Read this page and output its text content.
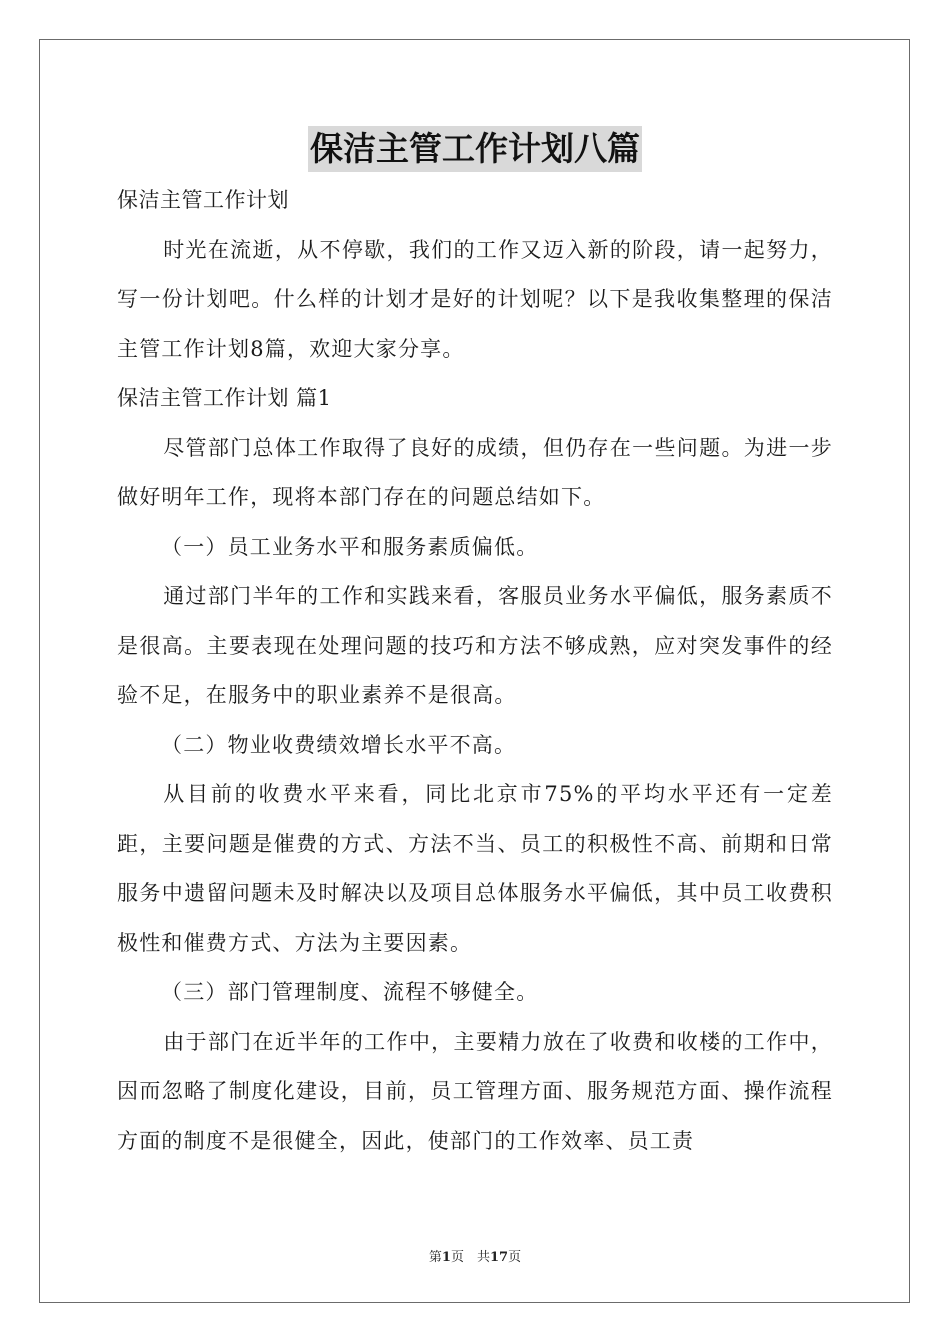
保洁主管工作计划八篇

保洁主管工作计划

时光在流逝，从不停歇，我们的工作又迈入新的阶段，请一起努力，写一份计划吧。什么样的计划才是好的计划呢？以下是我收集整理的保洁主管工作计划8篇，欢迎大家分享。

保洁主管工作计划 篇1

尽管部门总体工作取得了良好的成绩，但仍存在一些问题。为进一步做好明年工作，现将本部门存在的问题总结如下。

（一）员工业务水平和服务素质偏低。

通过部门半年的工作和实践来看，客服员业务水平偏低，服务素质不是很高。主要表现在处理问题的技巧和方法不够成熟，应对突发事件的经验不足，在服务中的职业素养不是很高。

（二）物业收费绩效增长水平不高。

从目前的收费水平来看，同比北京市75%的平均水平还有一定差距，主要问题是催费的方式、方法不当、员工的积极性不高、前期和日常服务中遗留问题未及时解决以及项目总体服务水平偏低，其中员工收费积极性和催费方式、方法为主要因素。

（三）部门管理制度、流程不够健全。

由于部门在近半年的工作中，主要精力放在了收费和收楼的工作中，因而忽略了制度化建设，目前，员工管理方面、服务规范方面、操作流程方面的制度不是很健全，因此，使部门的工作效率、员工责

第1页　共17页
